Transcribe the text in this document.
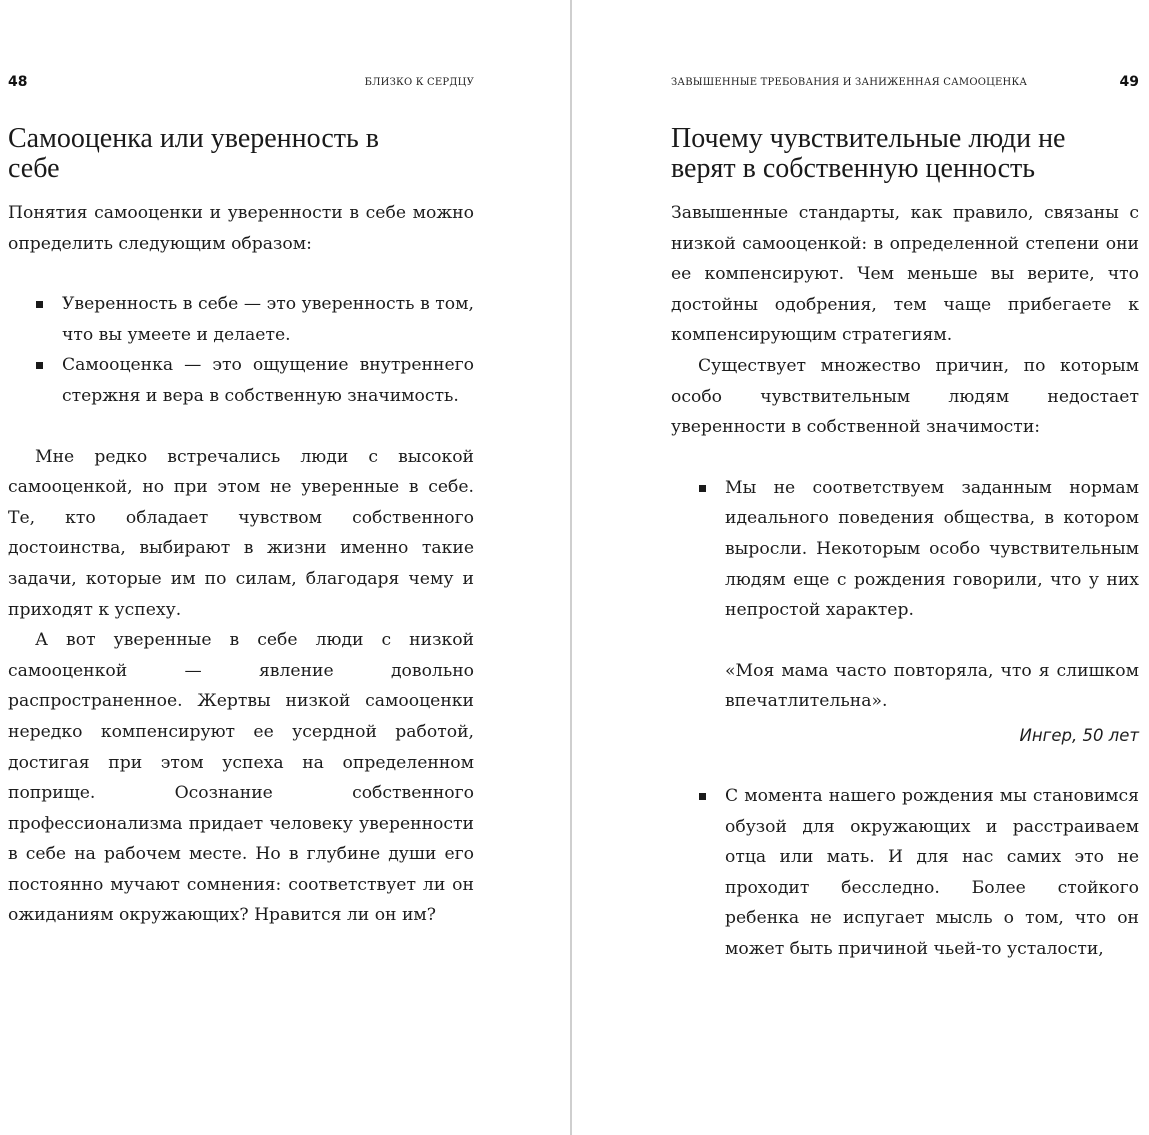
48	БЛИЗКО К СЕРДЦУ
Самооценка или уверенность в себе

Понятия самооценки и уверенности в себе можно определить следующим образом:

Уверенность в себе — это уверенность в том, что вы умеете и делаете.
Самооценка — это ощущение внутреннего стержня и вера в собственную значимость.

Мне редко встречались люди с высокой самооценкой, но при этом не уверенные в себе. Те, кто обладает чувством собственного достоинства, выбирают в жизни именно такие задачи, которые им по силам, благодаря чему и приходят к успеху.

А вот уверенные в себе люди с низкой самооценкой — явление довольно распространенное. Жертвы низкой самооценки нередко компенсируют ее усердной работой, достигая при этом успеха на определенном поприще. Осознание собственного профессионализма придает человеку уверенности в себе на рабочем месте. Но в глубине души его постоянно мучают сомнения: соответствует ли он ожиданиям окружающих? Нравится ли он им?

ЗАВЫШЕННЫЕ ТРЕБОВАНИЯ И ЗАНИЖЕННАЯ САМООЦЕНКА	49
Почему чувствительные люди не верят в собственную ценность

Завышенные стандарты, как правило, связаны с низкой самооценкой: в определенной степени они ее компенсируют. Чем меньше вы верите, что достойны одобрения, тем чаще прибегаете к компенсирующим стратегиям.

Существует множество причин, по которым особо чувствительным людям недостает уверенности в собственной значимости:

Мы не соответствуем заданным нормам идеального поведения общества, в котором выросли. Некоторым особо чувствительным людям еще с рождения говорили, что у них непростой характер.
«Моя мама часто повторяла, что я слишком впечатлительна».
Ингер, 50 лет
С момента нашего рождения мы становимся обузой для окружающих и расстраиваем отца или мать. И для нас самих это не проходит бесследно. Более стойкого ребенка не испугает мысль о том, что он может быть причиной чьей-то усталости,
